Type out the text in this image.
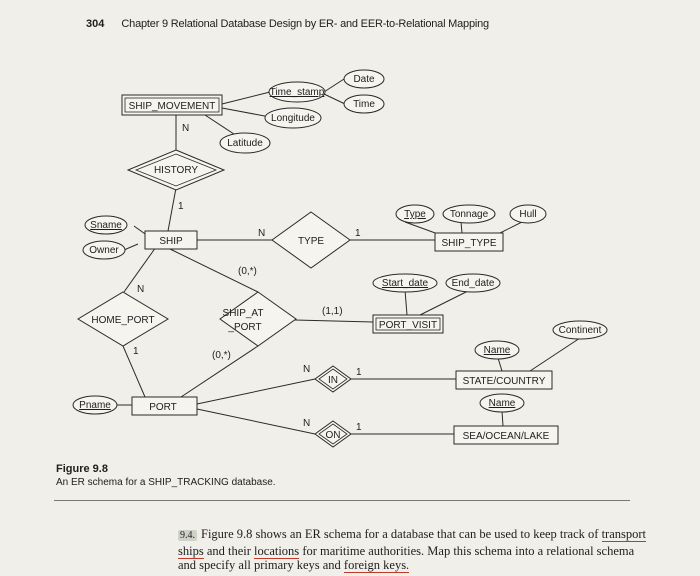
304 Chapter 9 Relational Database Design by ER- and EER-to-Relational Mapping
Date
Time
Time_stamp
Longitude
Latitude
Sname
Owner
Type Tonnage	Hull
Start_date End_date
Continent
Name
Name
Pname
SHIP_MOVEMENT
SHIP	SHIP_TYPE
PORT_VISIT
PORT
STATE/COUNTRY
SEA/OCEAN/LAKE
HISTORY
TYPE
HOME_PORT
SHIP_AT
_PORT
IN
ON
N
1
N	1
N
1
(0,*)
(1,1)
(0,*)
N	1
N	1
Figure 9.8
An ER schema for a SHIP_TRACKING database.
9.4. Figure 9.8 shows an ER schema for a database that can be used to keep track of transport ships and their locations for maritime authorities. Map this schema into a relational schema and specify all primary keys and foreign keys.
